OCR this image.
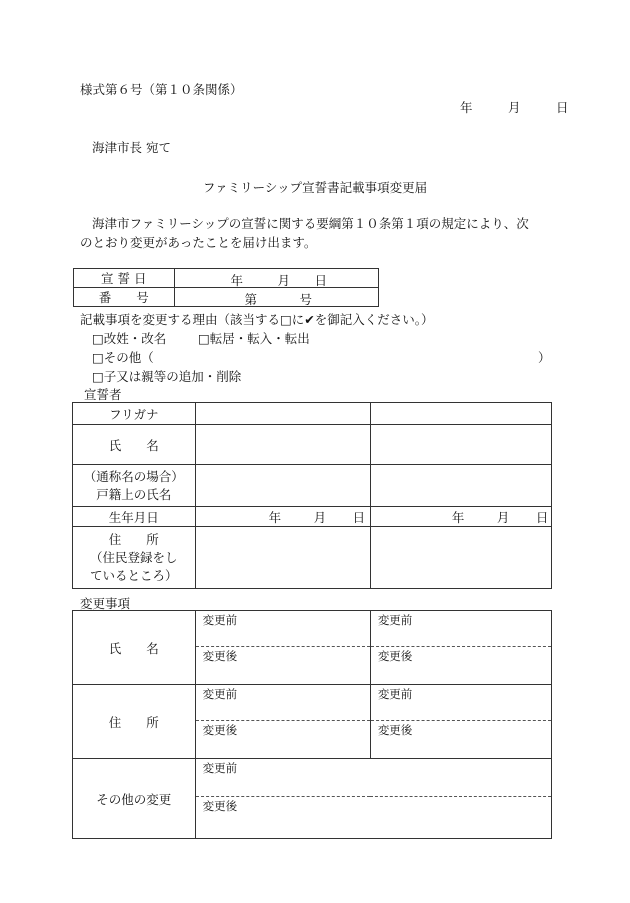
様式第６号（第１０条関係）
年	月	日
海津市長 宛て
ファミリーシップ宣誓書記載事項変更届
海津市ファミリーシップの宣誓に関する要綱第１０条第１項の規定により、次
のとおり変更があったことを届け出ます。
宣 誓 日	年 月 日

番　　号	第 号
記載事項を変更する理由（該当する□に✔を御記入ください。）
□改姓・改名	□転居・転入・転出
□その他（	）
□子又は親等の追加・削除
宣誓者
フリガナ		
氏　　名		

（通称名の場合）
戸籍上の氏名		

生年月日	年 月 日	年 月 日

住　　所
（住民登録をし
ているところ）		

変更事項
氏　　名	変更前	変更前

	変更後	変更後

住　　所	変更前	変更前

	変更後	変更後

その他の変更	変更前	

	変更後	
